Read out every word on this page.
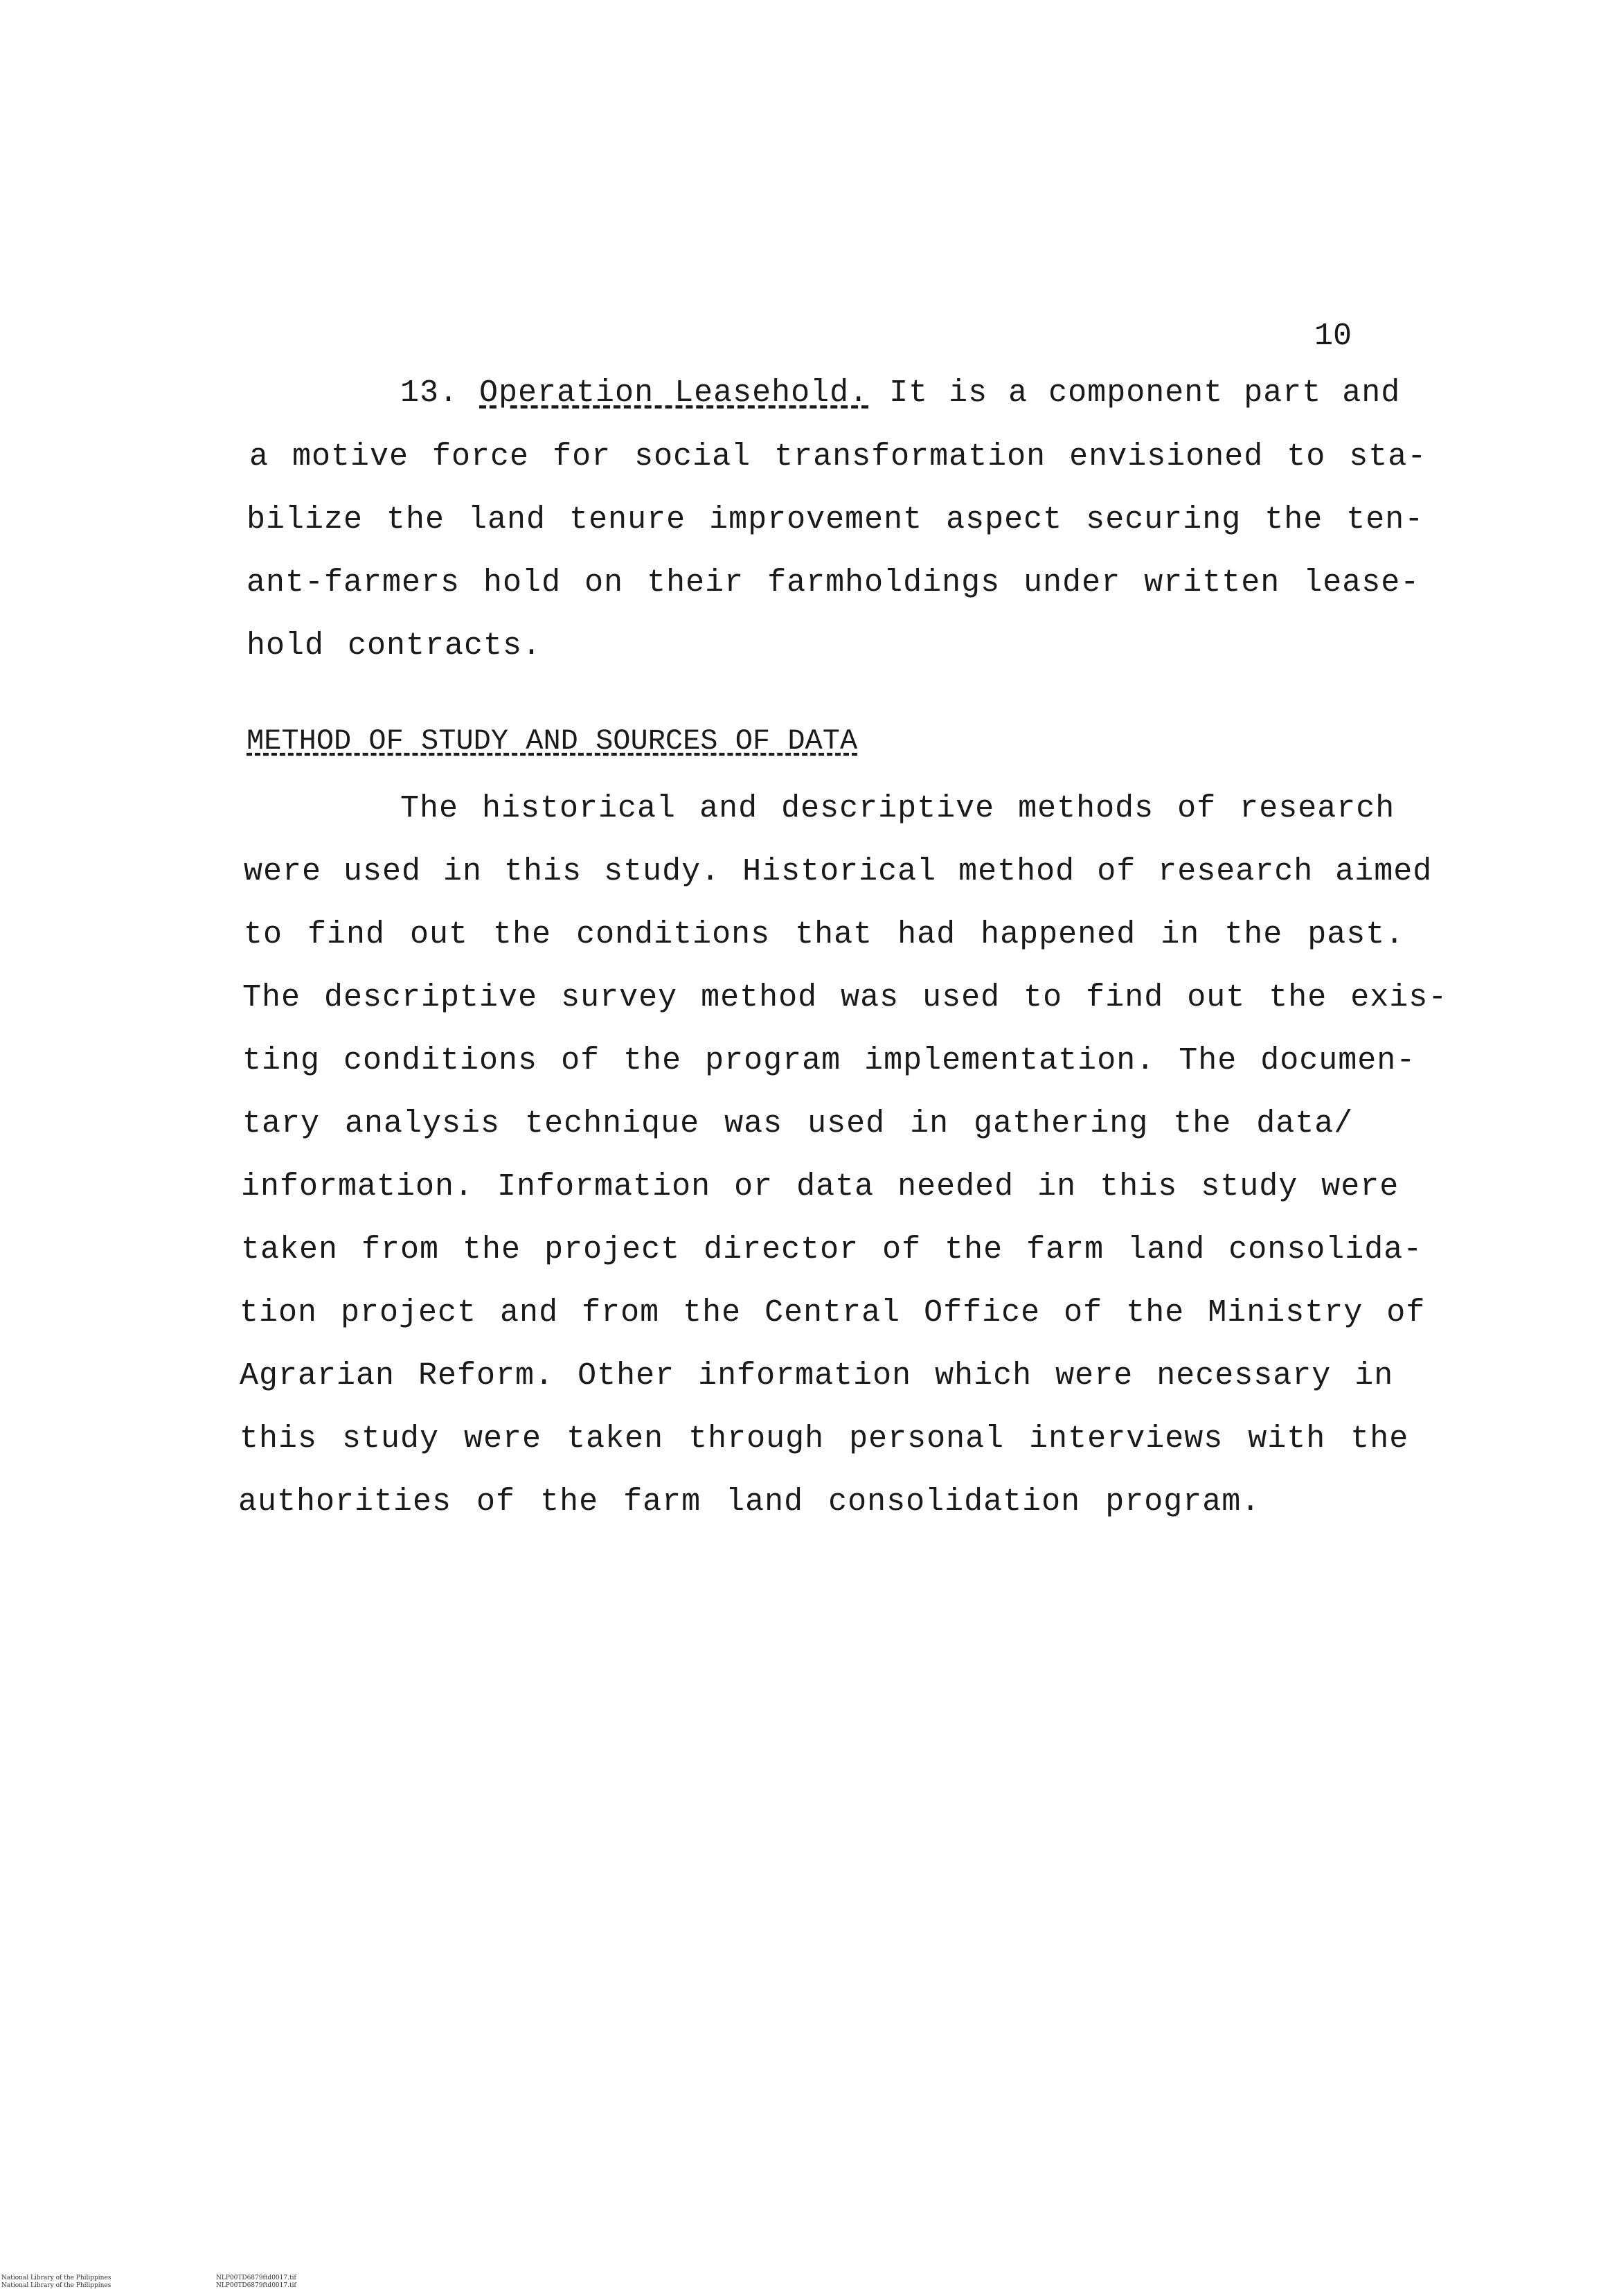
10
13. Operation Leasehold. It is a component part and
a motive force for social transformation envisioned to sta-
bilize the land tenure improvement aspect securing the ten-
ant-farmers hold on their farmholdings under written lease-
hold contracts.
METHOD OF STUDY AND SOURCES OF DATA
The historical and descriptive methods of research
were used in this study. Historical method of research aimed
to find out the conditions that had happened in the past.
The descriptive survey method was used to find out the exis-
ting conditions of the program implementation. The documen-
tary analysis technique was used in gathering the data/
information. Information or data needed in this study were
taken from the project director of the farm land consolida-
tion project and from the Central Office of the Ministry of
Agrarian Reform. Other information which were necessary in
this study were taken through personal interviews with the
authorities of the farm land consolidation program.
National Library of the Philippines	NLP00TD6879ftd0017.tif
National Library of the Philippines	NLP00TD6879ftd0017.tif
